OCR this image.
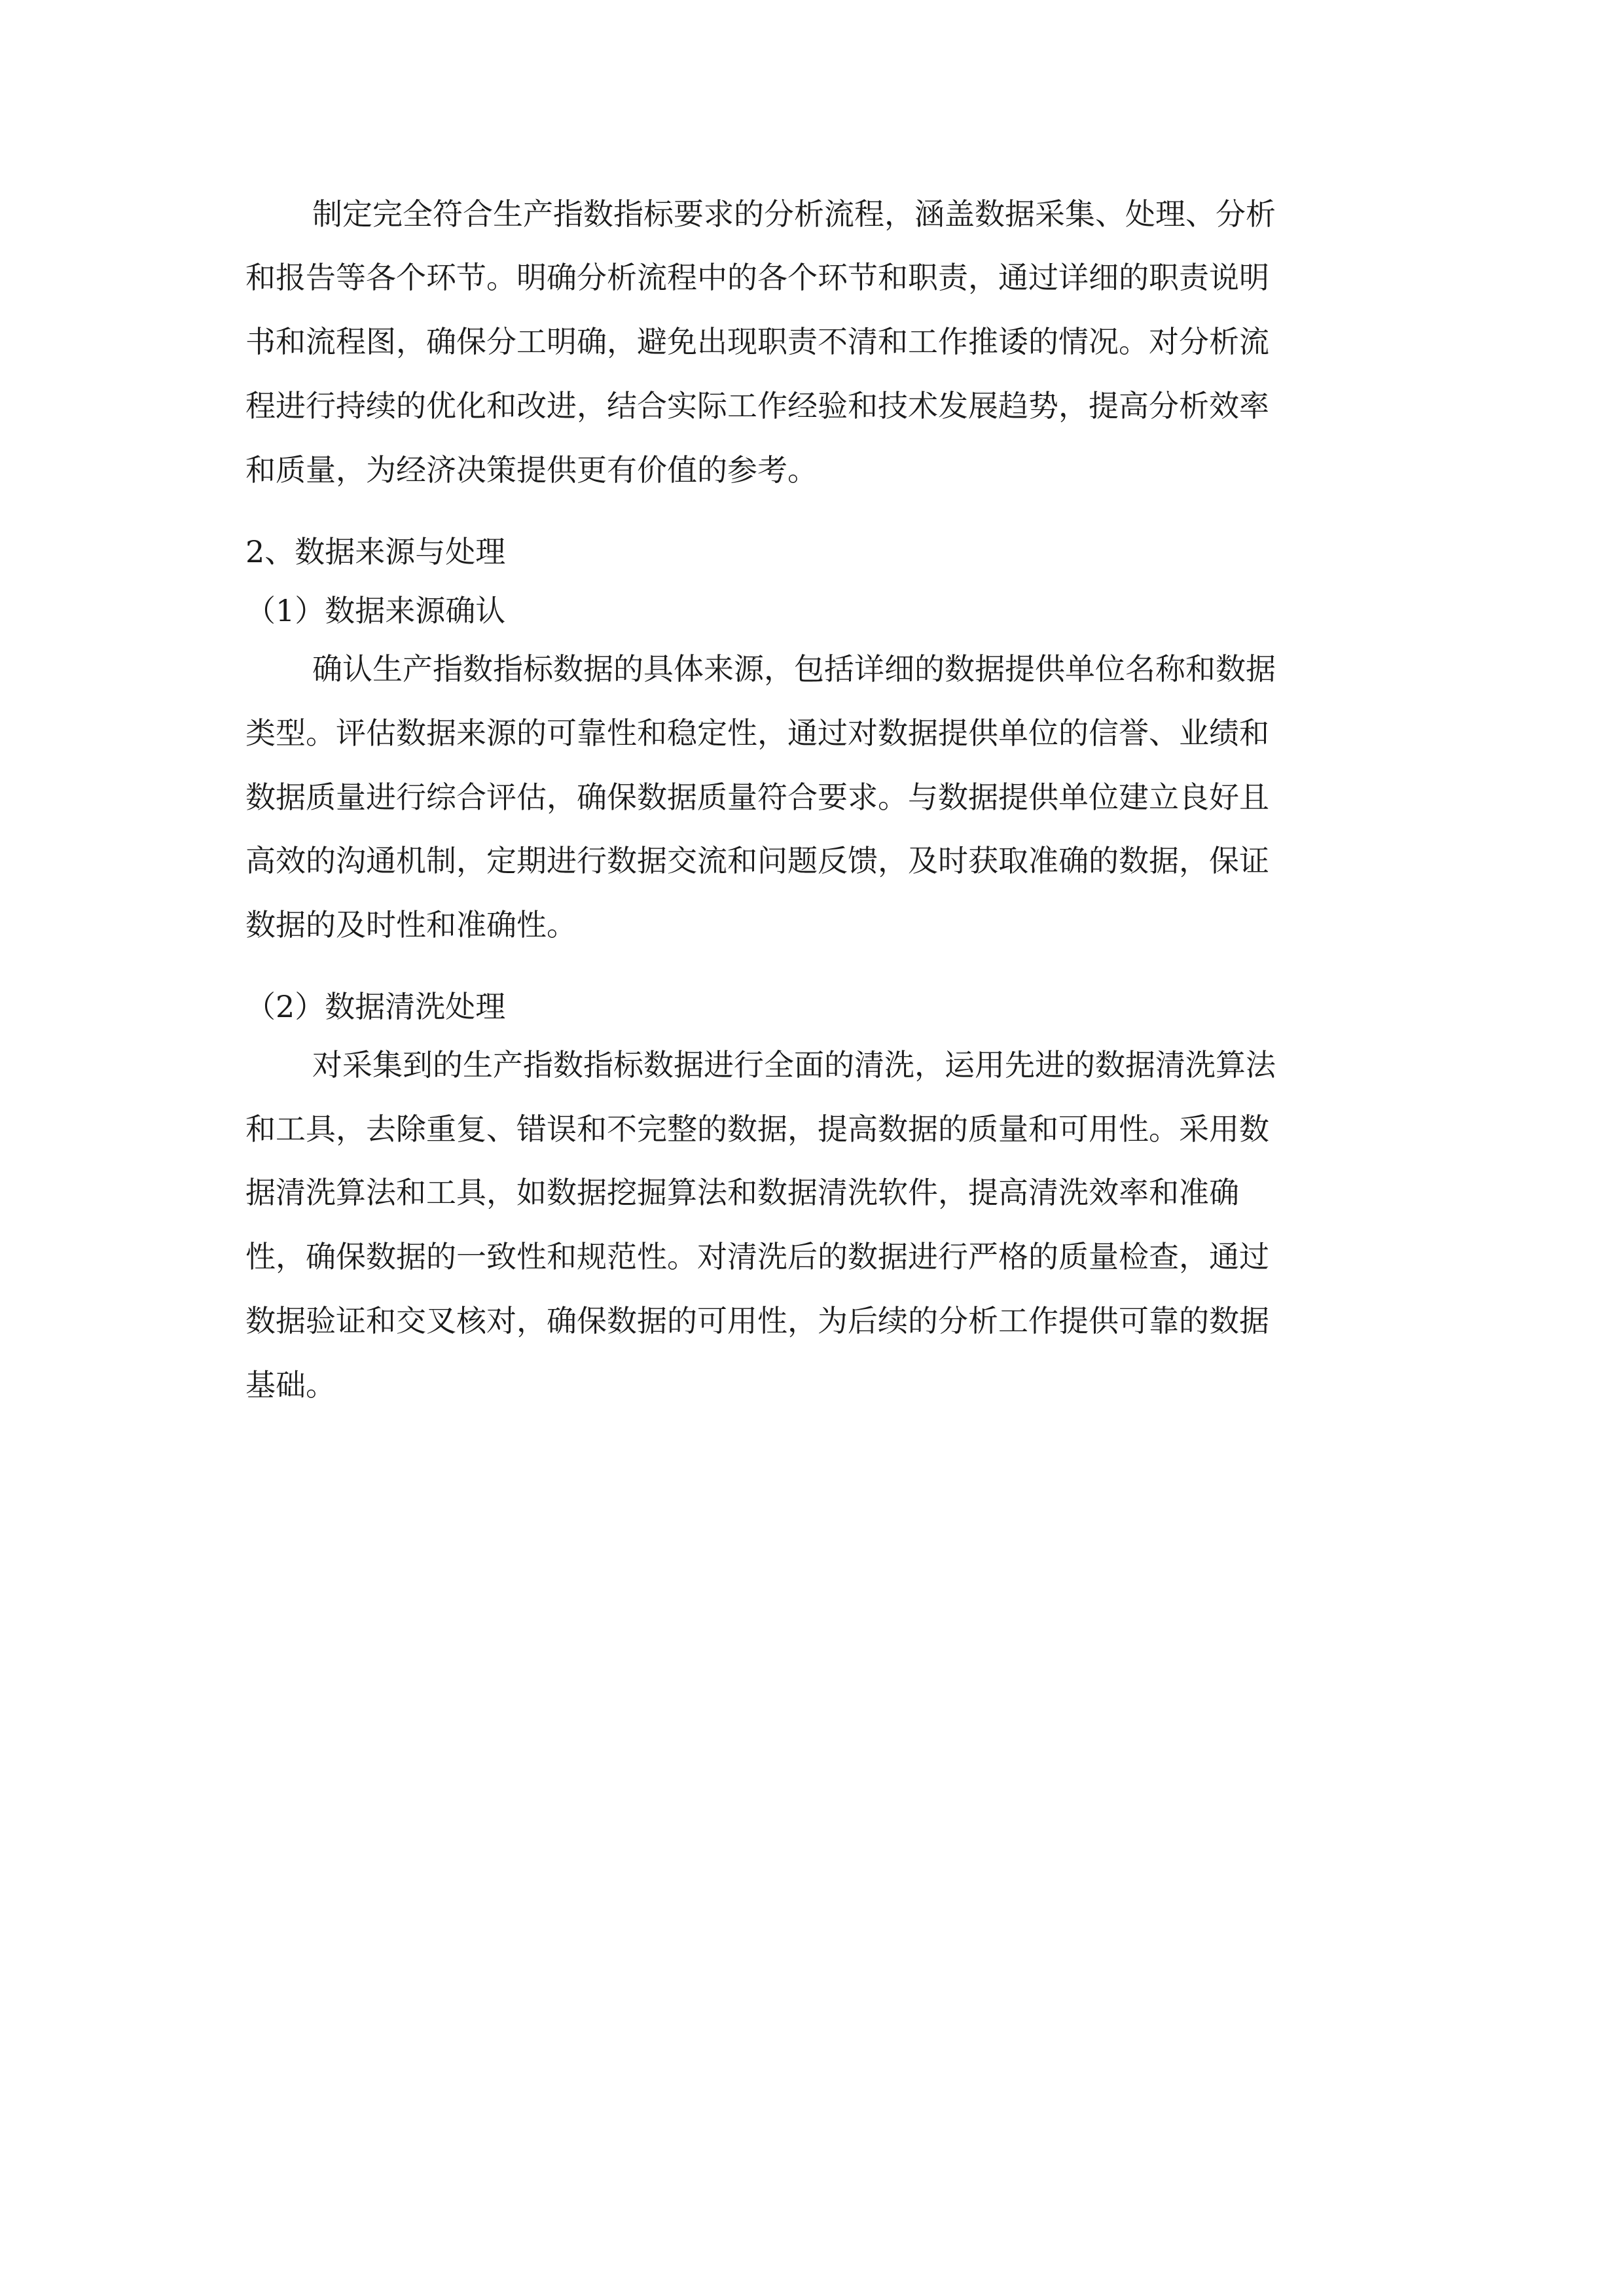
制定完全符合生产指数指标要求的分析流程，涵盖数据采集、处理、分析
和报告等各个环节。明确分析流程中的各个环节和职责，通过详细的职责说明
书和流程图，确保分工明确，避免出现职责不清和工作推诿的情况。对分析流
程进行持续的优化和改进，结合实际工作经验和技术发展趋势，提高分析效率
和质量，为经济决策提供更有价值的参考。
2、数据来源与处理
（1）数据来源确认
确认生产指数指标数据的具体来源，包括详细的数据提供单位名称和数据
类型。评估数据来源的可靠性和稳定性，通过对数据提供单位的信誉、业绩和
数据质量进行综合评估，确保数据质量符合要求。与数据提供单位建立良好且
高效的沟通机制，定期进行数据交流和问题反馈，及时获取准确的数据，保证
数据的及时性和准确性。
（2）数据清洗处理
对采集到的生产指数指标数据进行全面的清洗，运用先进的数据清洗算法
和工具，去除重复、错误和不完整的数据，提高数据的质量和可用性。采用数
据清洗算法和工具，如数据挖掘算法和数据清洗软件，提高清洗效率和准确
性，确保数据的一致性和规范性。对清洗后的数据进行严格的质量检查，通过
数据验证和交叉核对，确保数据的可用性，为后续的分析工作提供可靠的数据
基础。
